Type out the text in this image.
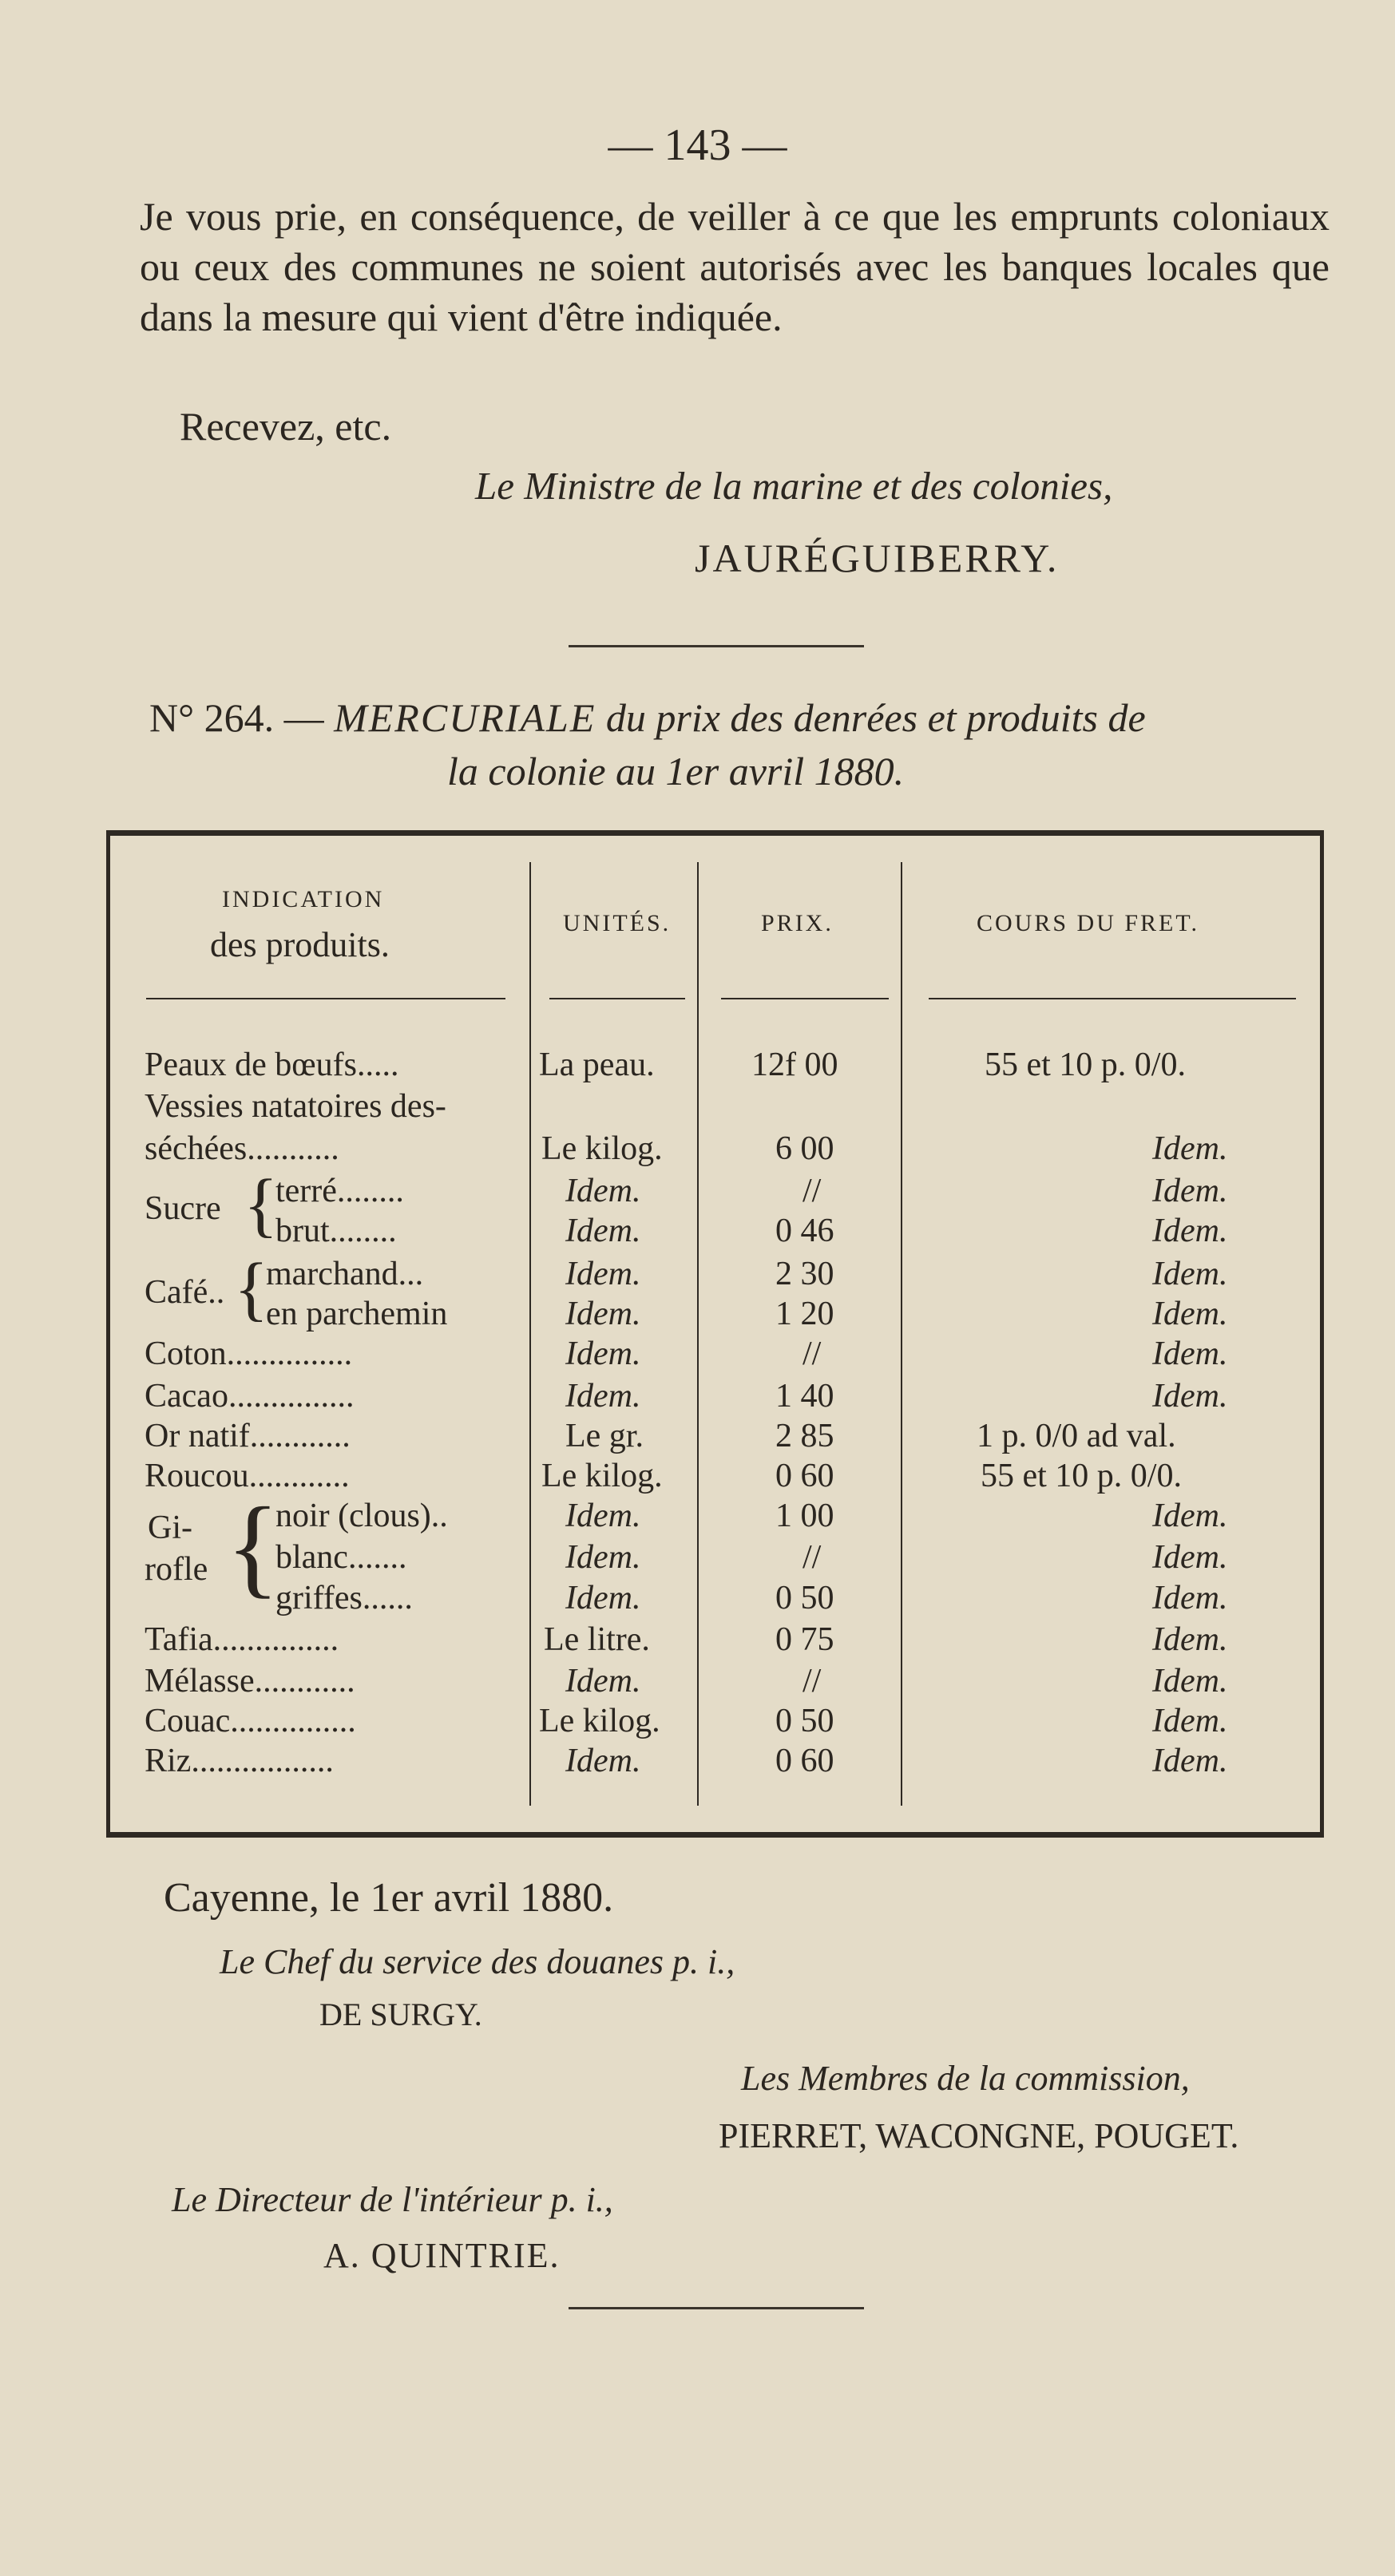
— 143 —
Je vous prie, en conséquence, de veiller à ce que les emprunts coloniaux ou ceux des communes ne soient autorisés avec les banques locales que dans la mesure qui vient d'être indiquée.
Recevez, etc.
Le Ministre de la marine et des colonies,
JAURÉGUIBERRY.
N° 264. — MERCURIALE du prix des denrées et produits de
la colonie au 1er avril 1880.
INDICATION
des produits.
UNITÉS.	PRIX.	COURS DU FRET.
Peaux de bœufs.....	La peau.	12f 00	55 et 10 p. 0/0.
Vessies natatoires des-
séchées...........	Le kilog.	6 00	Idem.
Sucre {
terré........	Idem.	//	Idem.
brut........	Idem.	0 46	Idem.
Café.. {
marchand...	Idem.	2 30	Idem.
en parchemin	Idem.	1 20	Idem.
Coton...............	Idem.	//	Idem.
Cacao...............	Idem.	1 40	Idem.
Or natif............	Le gr.	2 85	1 p. 0/0 ad val.
Roucou............	Le kilog.	0 60	55 et 10 p. 0/0.
Gi-
rofle {
noir (clous)..	Idem.	1 00	Idem.
blanc.......	Idem.	//	Idem.
griffes......	Idem.	0 50	Idem.
Tafia...............	Le litre.	0 75	Idem.
Mélasse............	Idem.	//	Idem.
Couac...............	Le kilog.	0 50	Idem.
Riz.................	Idem.	0 60	Idem.
Cayenne, le 1er avril 1880.
Le Chef du service des douanes p. i.,
DE SURGY.
Les Membres de la commission,
PIERRET, WACONGNE, POUGET.
Le Directeur de l'intérieur p. i.,
A. QUINTRIE.
